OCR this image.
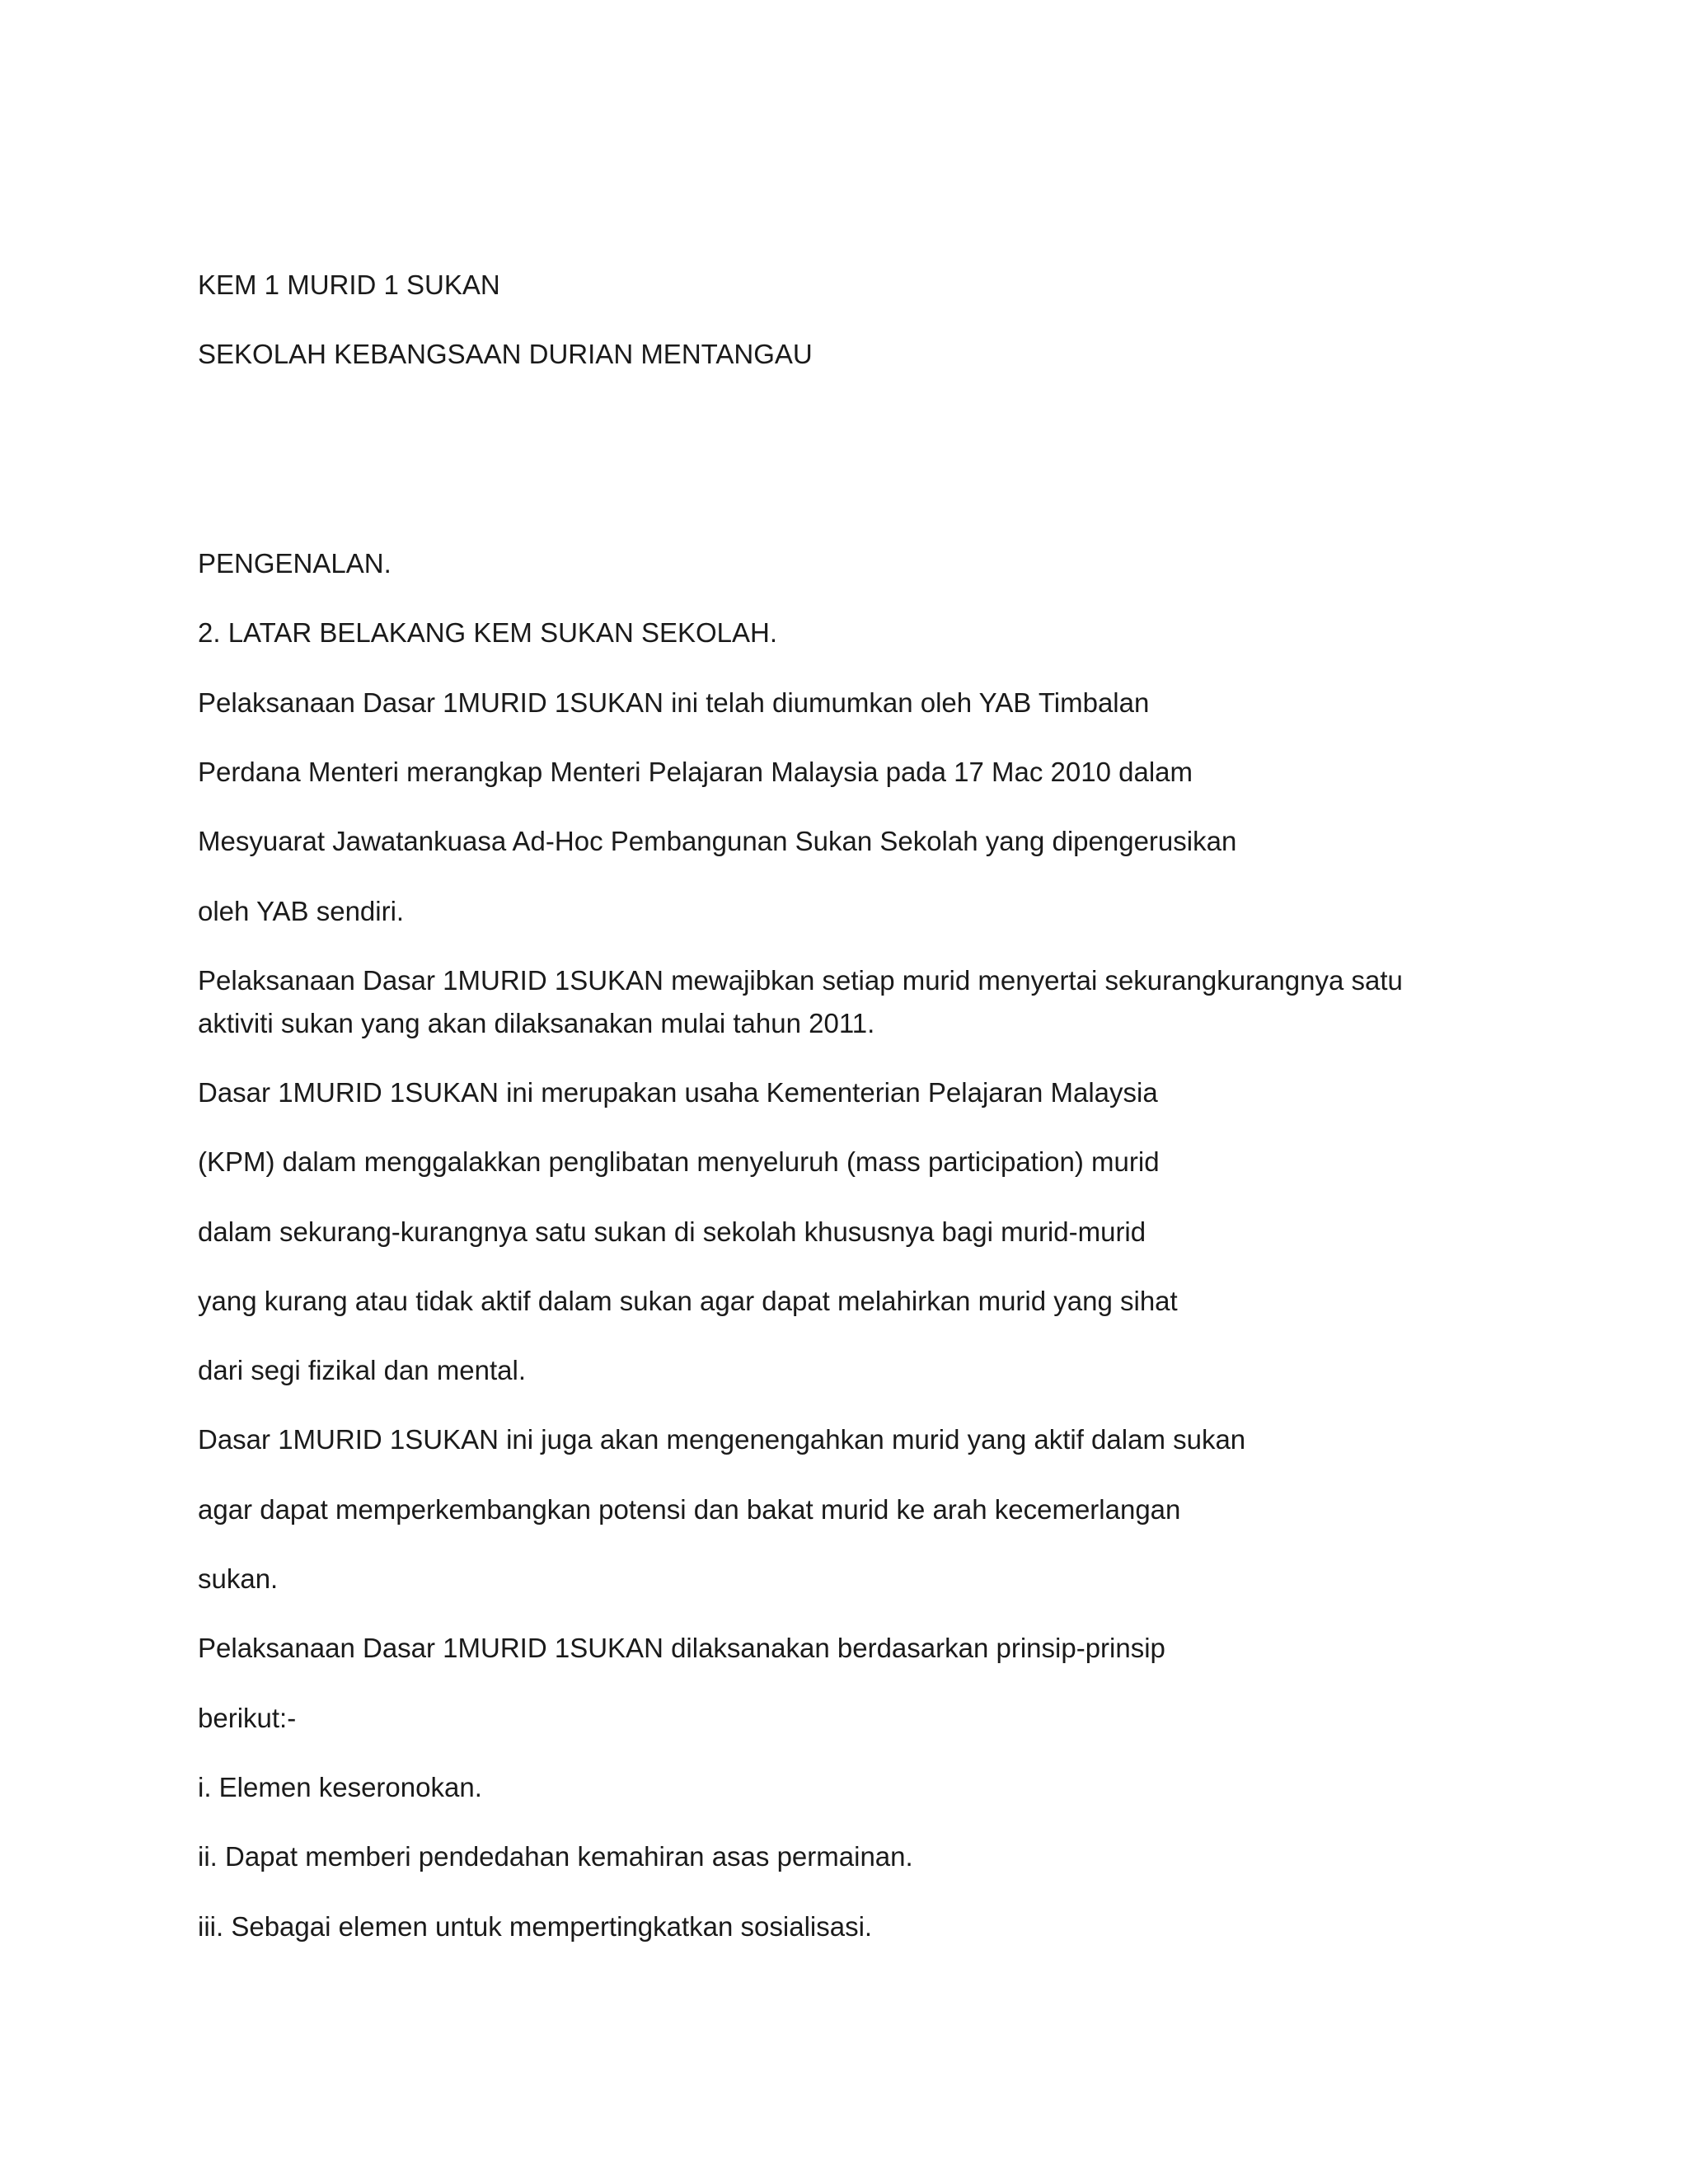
KEM 1 MURID 1 SUKAN

SEKOLAH KEBANGSAAN DURIAN MENTANGAU

PENGENALAN.

2. LATAR BELAKANG KEM SUKAN SEKOLAH.

Pelaksanaan Dasar 1MURID 1SUKAN ini telah diumumkan oleh YAB Timbalan

Perdana Menteri merangkap Menteri Pelajaran Malaysia pada 17 Mac 2010 dalam

Mesyuarat Jawatankuasa Ad-Hoc Pembangunan Sukan Sekolah yang dipengerusikan

oleh YAB sendiri.

Pelaksanaan Dasar 1MURID 1SUKAN mewajibkan setiap murid menyertai sekurangkurangnya satu

aktiviti sukan yang akan dilaksanakan mulai tahun 2011.

Dasar 1MURID 1SUKAN ini merupakan usaha Kementerian Pelajaran Malaysia

(KPM) dalam menggalakkan penglibatan menyeluruh (mass participation) murid

dalam sekurang-kurangnya satu sukan di sekolah khususnya bagi murid-murid

yang kurang atau tidak aktif dalam sukan agar dapat melahirkan murid yang sihat

dari segi fizikal dan mental.

Dasar 1MURID 1SUKAN ini juga akan mengenengahkan murid yang aktif dalam sukan

agar dapat memperkembangkan potensi dan bakat murid ke arah kecemerlangan

sukan.

Pelaksanaan Dasar 1MURID 1SUKAN dilaksanakan berdasarkan prinsip-prinsip

berikut:-

i. Elemen keseronokan.

ii. Dapat memberi pendedahan kemahiran asas permainan.

iii. Sebagai elemen untuk mempertingkatkan sosialisasi.
